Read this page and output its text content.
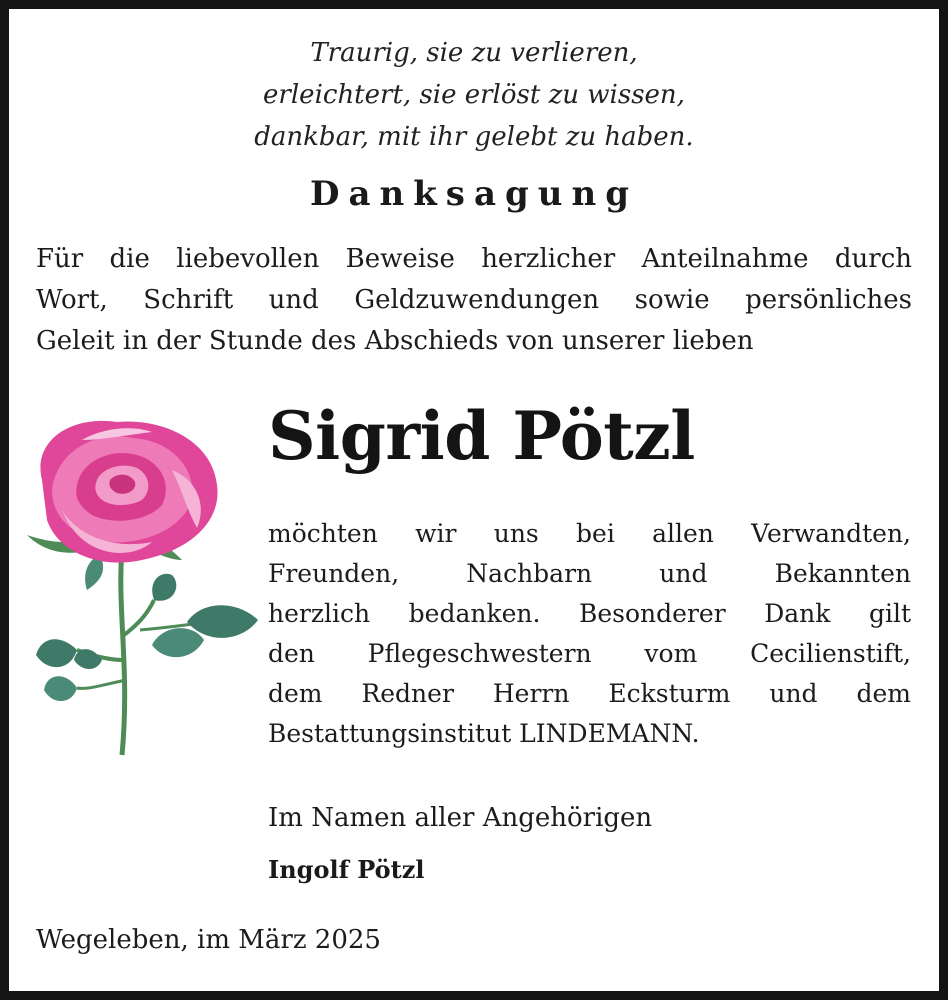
Traurig, sie zu verlieren,
erleichtert, sie erlöst zu wissen,
dankbar, mit ihr gelebt zu haben.
Danksagung
Für die liebevollen Beweise herzlicher Anteilnahme durch
Wort, Schrift und Geldzuwendungen sowie persönliches
Geleit in der Stunde des Abschieds von unserer lieben
Sigrid Pötzl
möchten wir uns bei allen Verwandten,
Freunden, Nachbarn und Bekannten
herzlich bedanken. Besonderer Dank gilt
den Pflegeschwestern vom Cecilienstift,
dem Redner Herrn Ecksturm und dem
Bestattungsinstitut LINDEMANN.
Im Namen aller Angehörigen
Ingolf Pötzl
Wegeleben, im März 2025
